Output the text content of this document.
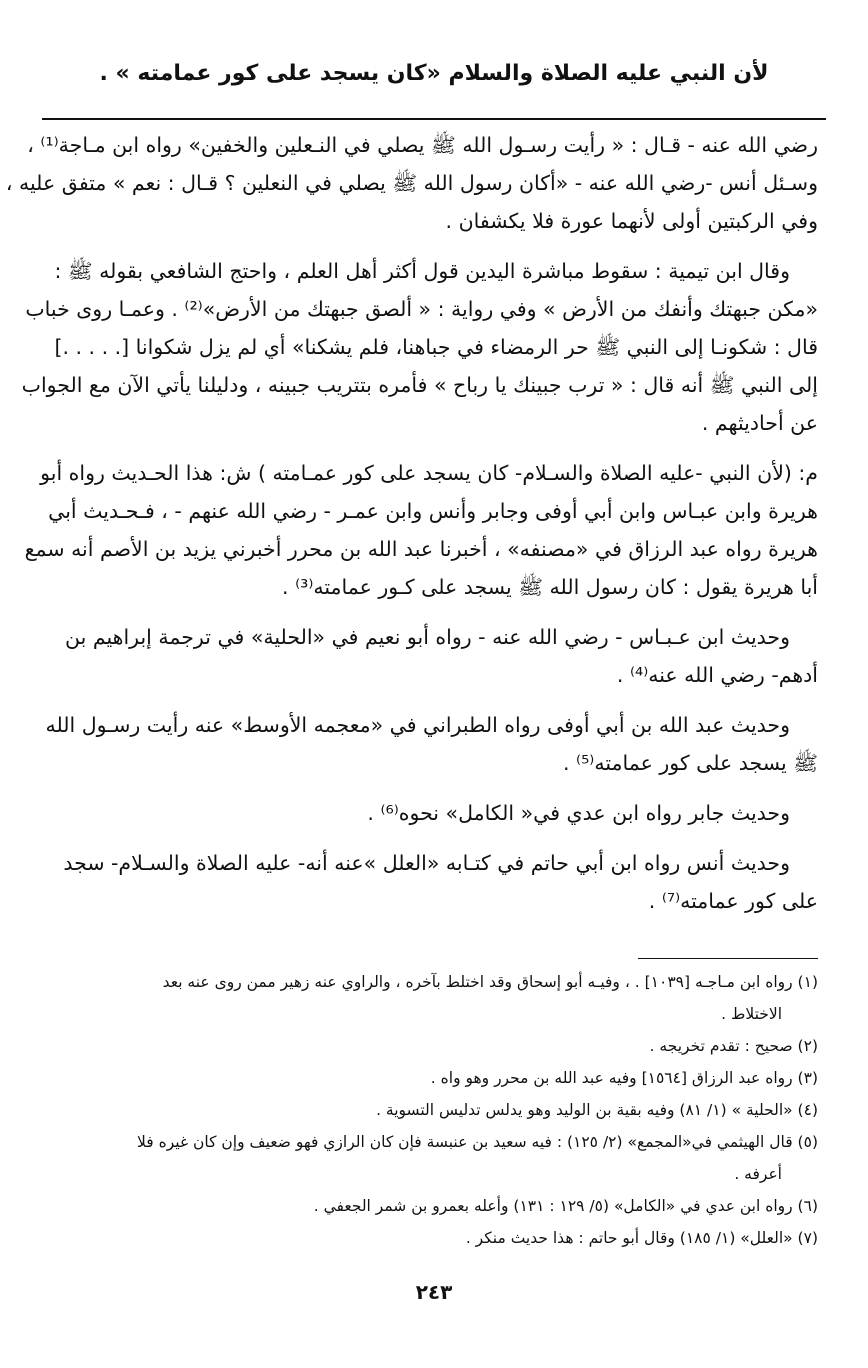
لأن النبي عليه الصلاة والسلام «كان يسجد على كور عمامته » .

رضي الله عنه - قـال : « رأيت رسـول الله ﷺ يصلي في النـعلين والخفين» رواه ابن مـاجة⁽¹⁾ ،
وسـئل أنس -رضي الله عنه - «أكان رسول الله ﷺ يصلي في النعلين ؟ قـال : نعم » متفق عليه ،
وفي الركبتين أولى لأنهما عورة فلا يكشفان .

وقال ابن تيمية : سقوط مباشرة اليدين قول أكثر أهل العلم ، واحتج الشافعي بقوله ﷺ :
«مكن جبهتك وأنفك من الأرض » وفي رواية : « ألصق جبهتك من الأرض»⁽²⁾ . وعمـا روى خباب
قال : شكونـا إلى النبي ﷺ حر الرمضاء في جباهنا، فلم يشكنا» أي لم يزل شكوانا [. . . . .]
إلى النبي ﷺ أنه قال : « ترب جبينك يا رباح » فأمره بتتريب جبينه ، ودليلنا يأتي الآن مع الجواب
عن أحاديثهم .

م: (لأن النبي -عليه الصلاة والسـلام- كان يسجد على كور عمـامته ) ش: هذا الحـديث رواه أبو
هريرة وابن عبـاس وابن أبي أوفى وجابر وأنس وابن عمـر - رضي الله عنهم - ، فـحـديث أبي
هريرة رواه عبد الرزاق في «مصنفه» ، أخبرنا عبد الله بن محرر أخبرني يزيد بن الأصم أنه سمع
أبا هريرة يقول : كان رسول الله ﷺ يسجد على كـور عمامته⁽³⁾ .

وحديث ابن عـبـاس - رضي الله عنه - رواه أبو نعيم في «الحلية» في ترجمة إبراهيم بن
أدهم- رضي الله عنه⁽⁴⁾ .

وحديث عبد الله بن أبي أوفى رواه الطبراني في «معجمه الأوسط» عنه رأيت رسـول الله
ﷺ يسجد على كور عمامته⁽⁵⁾ .

وحديث جابر رواه ابن عدي في« الكامل» نحوه⁽⁶⁾ .

وحديث أنس رواه ابن أبي حاتم في كتـابه «العلل »عنه أنه- عليه الصلاة والسـلام- سجد
على كور عمامته⁽⁷⁾ .

(١) رواه ابن مـاجـه [١٠٣٩] . ، وفيـه أبو إسحاق وقد اختلط بآخره ، والراوي عنه زهير ممن روى عنه بعد
الاختلاط .
(٢) صحيح : تقدم تخريجه .
(٣) رواه عبد الرزاق [١٥٦٤] وفيه عبد الله بن محرر وهو واه .
(٤) «الحلية » (١/ ٨١) وفيه بقية بن الوليد وهو يدلس تدليس التسوية .
(٥) قال الهيثمي في«المجمع» (٢/ ١٢٥) : فيه سعيد بن عنبسة فإن كان الرازي فهو ضعيف وإن كان غيره فلا
أعرفه .
(٦) رواه ابن عدي في «الكامل» (٥/ ١٢٩ : ١٣١) وأعله بعمرو بن شمر الجعفي .
(٧) «العلل» (١/ ١٨٥) وقال أبو حاتم : هذا حديث منكر .
٢٤٣
